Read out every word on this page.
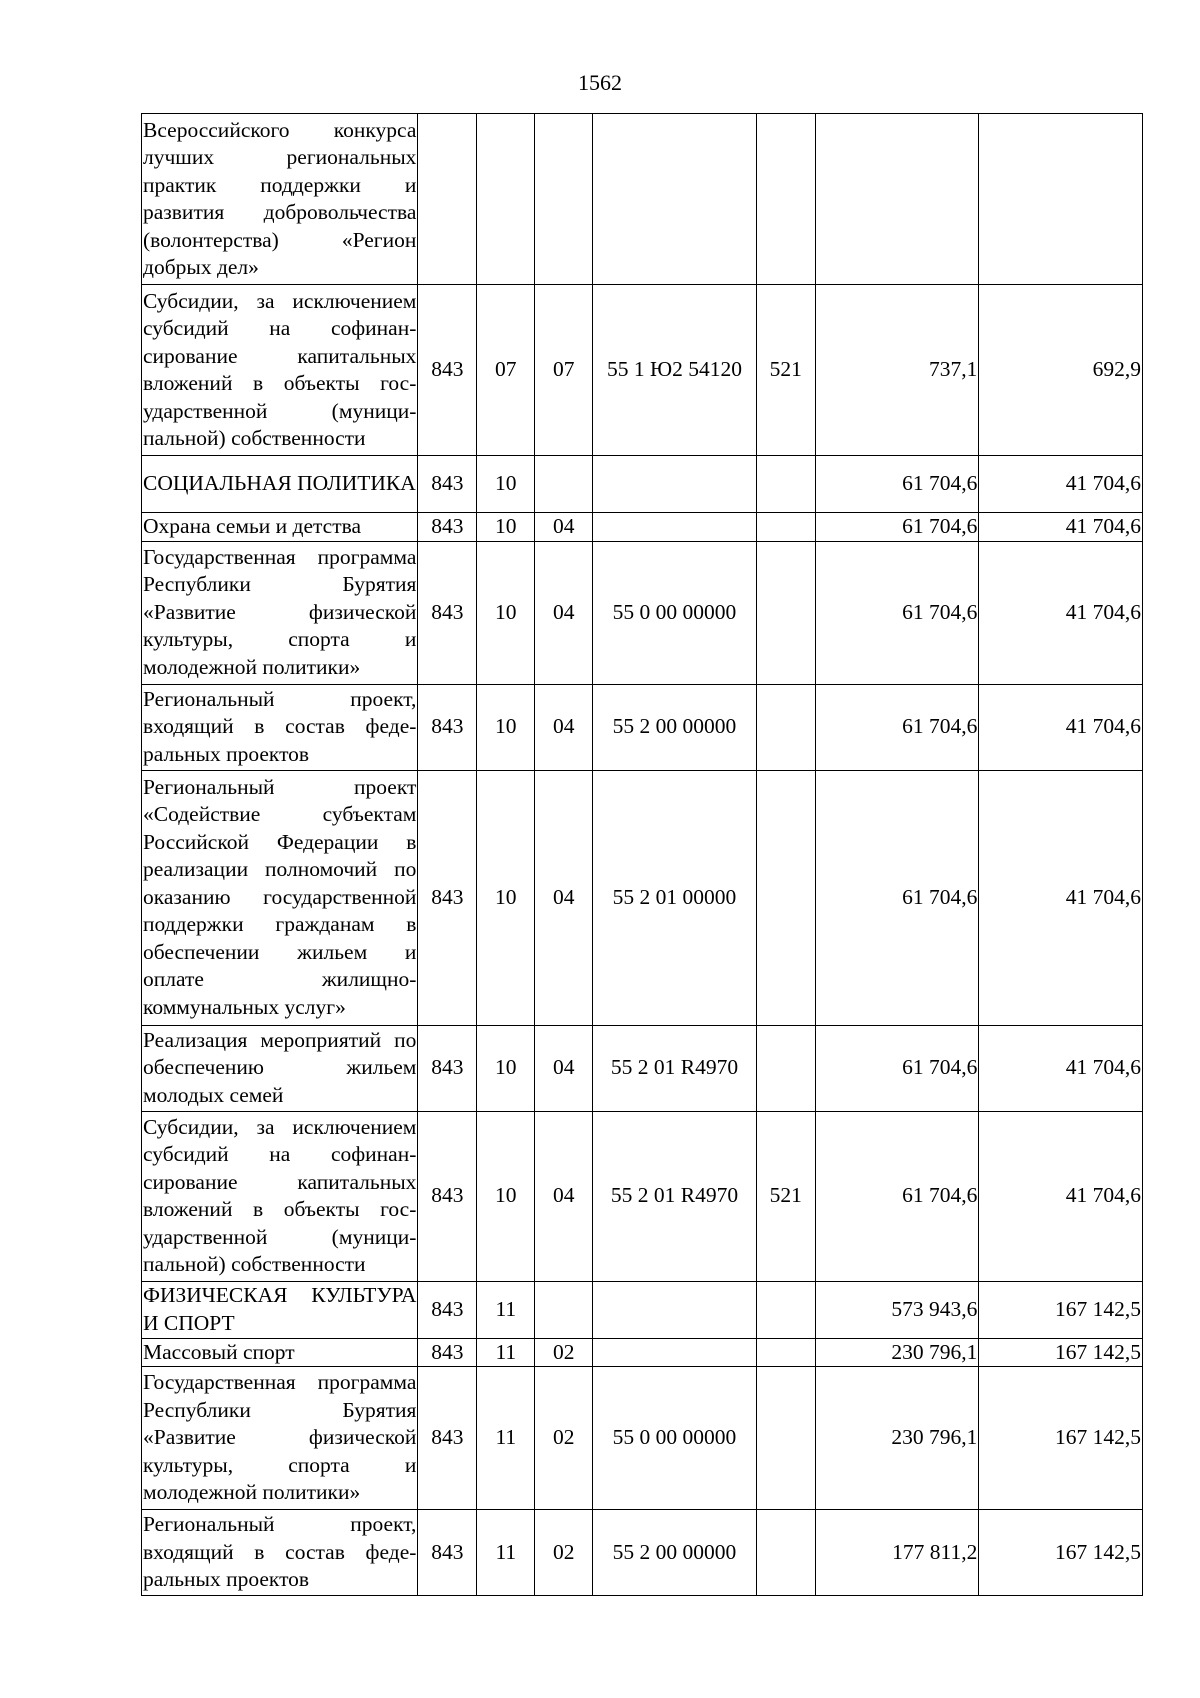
1562
Всероссийского конкурса лучших региональных практик поддержки и развития добровольчества (волонтерства) «Регион добрых дел»							
Субсидии, за исключением субсидий на софинансирование капитальных вложений в объекты государственной (муниципальной) собственности	843	07	07	55 1 Ю2 54120	521	737,1	692,9
СОЦИАЛЬНАЯ ПОЛИТИКА	843	10				61 704,6	41 704,6
Охрана семьи и детства	843	10	04			61 704,6	41 704,6
Государственная программа Республики Бурятия «Развитие физической культуры, спорта и молодежной политики»	843	10	04	55 0 00 00000		61 704,6	41 704,6
Региональный проект, входящий в состав федеральных проектов	843	10	04	55 2 00 00000		61 704,6	41 704,6
Региональный проект «Содействие субъектам Российской Федерации в реализации полномочий по оказанию государственной поддержки гражданам в обеспечении жильем и оплате жилищно-коммунальных услуг»	843	10	04	55 2 01 00000		61 704,6	41 704,6
Реализация мероприятий по обеспечению жильем молодых семей	843	10	04	55 2 01 R4970		61 704,6	41 704,6
Субсидии, за исключением субсидий на софинансирование капитальных вложений в объекты государственной (муниципальной) собственности	843	10	04	55 2 01 R4970	521	61 704,6	41 704,6
ФИЗИЧЕСКАЯ КУЛЬТУРА И СПОРТ	843	11				573 943,6	167 142,5
Массовый спорт	843	11	02			230 796,1	167 142,5
Государственная программа Республики Бурятия «Развитие физической культуры, спорта и молодежной политики»	843	11	02	55 0 00 00000		230 796,1	167 142,5
Региональный проект, входящий в состав федеральных проектов	843	11	02	55 2 00 00000		177 811,2	167 142,5
